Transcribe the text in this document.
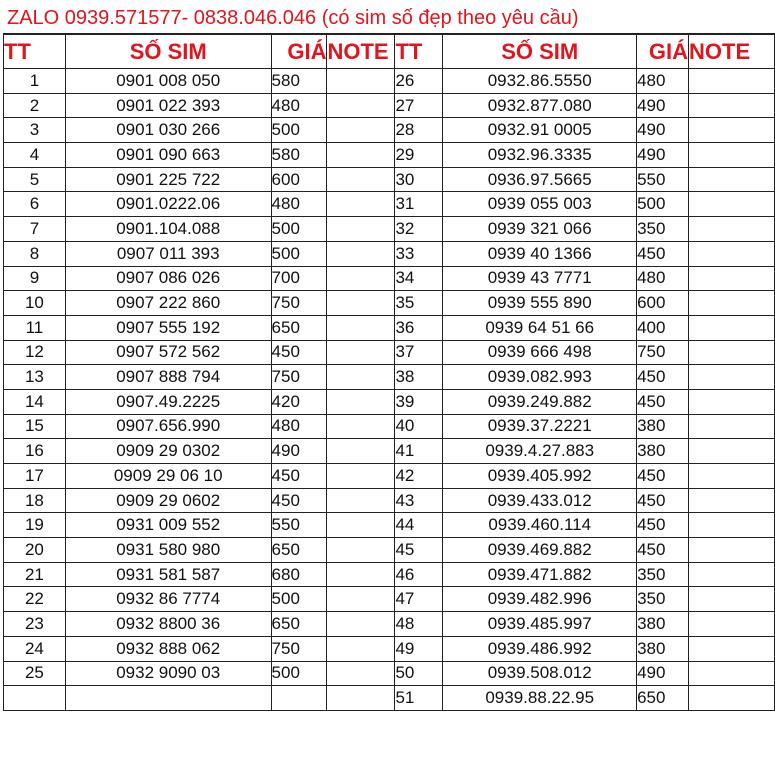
ZALO 0939.571577- 0838.046.046 (có sim số đẹp theo yêu cầu)
TT	SỐ SIM	GIÁ	NOTE	TT	SỐ SIM	GIÁ	NOTE
1	0901 008 050	580		26	0932.86.5550	480	
2	0901 022 393	480		27	0932.877.080	490	
3	0901 030 266	500		28	0932.91 0005	490	
4	0901 090 663	580		29	0932.96.3335	490	
5	0901 225 722	600		30	0936.97.5665	550	
6	0901.0222.06	480		31	0939 055 003	500	
7	0901.104.088	500		32	0939 321 066	350	
8	0907 011 393	500		33	0939 40 1366	450	
9	0907 086 026	700		34	0939 43 7771	480	
10	0907 222 860	750		35	0939 555 890	600	
11	0907 555 192	650		36	0939 64 51 66	400	
12	0907 572 562	450		37	0939 666 498	750	
13	0907 888 794	750		38	0939.082.993	450	
14	0907.49.2225	420		39	0939.249.882	450	
15	0907.656.990	480		40	0939.37.2221	380	
16	0909 29 0302	490		41	0939.4.27.883	380	
17	0909 29 06 10	450		42	0939.405.992	450	
18	0909 29 0602	450		43	0939.433.012	450	
19	0931 009 552	550		44	0939.460.114	450	
20	0931 580 980	650		45	0939.469.882	450	
21	0931 581 587	680		46	0939.471.882	350	
22	0932 86 7774	500		47	0939.482.996	350	
23	0932 8800 36	650		48	0939.485.997	380	
24	0932 888 062	750		49	0939.486.992	380	
25	0932 9090 03	500		50	0939.508.012	490	
				51	0939.88.22.95	650	
